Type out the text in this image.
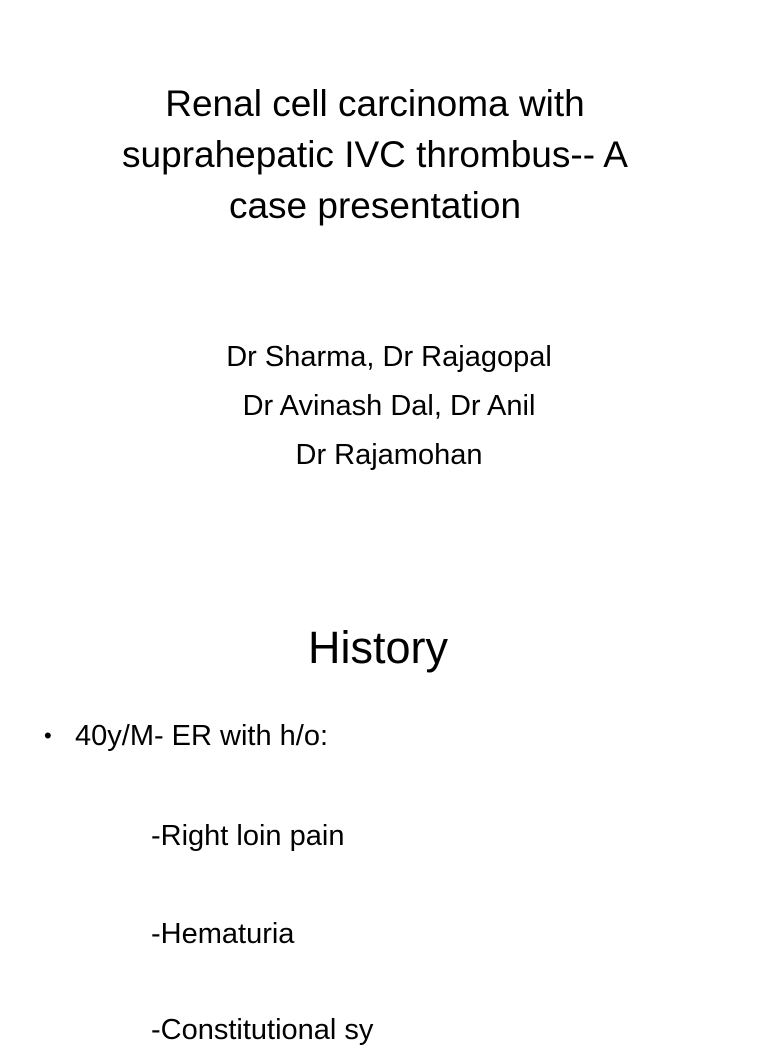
Renal cell carcinoma with
suprahepatic IVC thrombus-- A
case presentation
Dr Sharma, Dr Rajagopal
Dr Avinash Dal, Dr Anil
Dr Rajamohan
History
• 40y/M- ER with h/o:
-Right loin pain
-Hematuria
-Constitutional sy
